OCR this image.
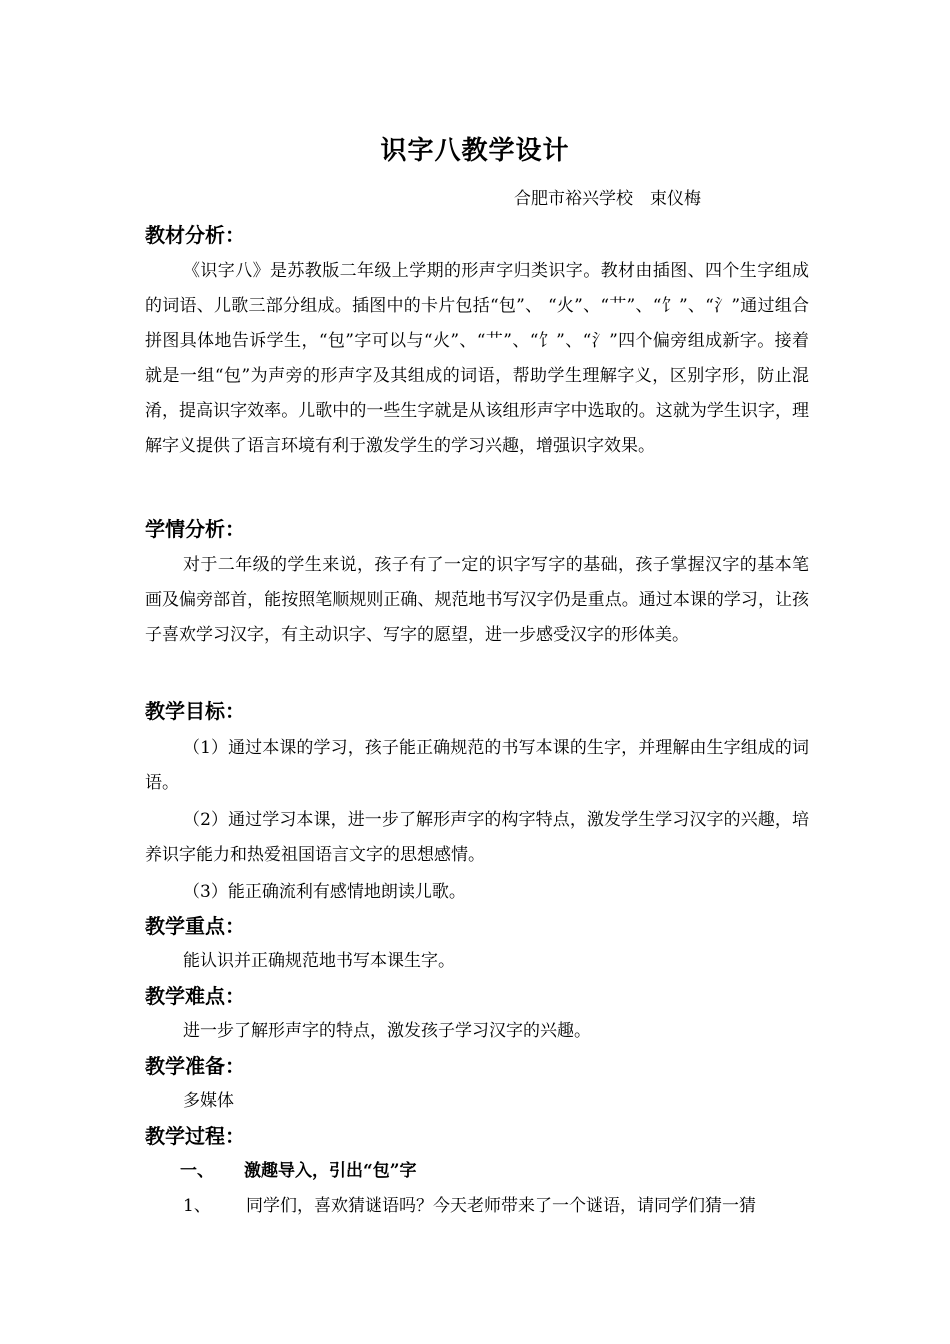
识字八教学设计
合肥市裕兴学校　束仪梅
教材分析：

《识字八》是苏教版二年级上学期的形声字归类识字。教材由插图、四个生字组成的词语、儿歌三部分组成。插图中的卡片包括“包”、 “火”、“艹”、“饣”、“氵”通过组合拼图具体地告诉学生，“包”字可以与“火”、“艹”、“饣”、“氵”四个偏旁组成新字。接着就是一组“包”为声旁的形声字及其组成的词语，帮助学生理解字义，区别字形，防止混淆，提高识字效率。儿歌中的一些生字就是从该组形声字中选取的。这就为学生识字，理解字义提供了语言环境有利于激发学生的学习兴趣，增强识字效果。

学情分析：

对于二年级的学生来说，孩子有了一定的识字写字的基础，孩子掌握汉字的基本笔画及偏旁部首，能按照笔顺规则正确、规范地书写汉字仍是重点。通过本课的学习，让孩子喜欢学习汉字，有主动识字、写字的愿望，进一步感受汉字的形体美。

教学目标：

（1）通过本课的学习，孩子能正确规范的书写本课的生字，并理解由生字组成的词语。

（2）通过学习本课，进一步了解形声字的构字特点，激发学生学习汉字的兴趣，培养识字能力和热爱祖国语言文字的思想感情。

（3）能正确流利有感情地朗读儿歌。

教学重点：
能认识并正确规范地书写本课生字。
教学难点：
进一步了解形声字的特点，激发孩子学习汉字的兴趣。
教学准备：
多媒体
教学过程：
一、 激趣导入，引出“包”字
1、 同学们，喜欢猜谜语吗？今天老师带来了一个谜语，请同学们猜一猜
